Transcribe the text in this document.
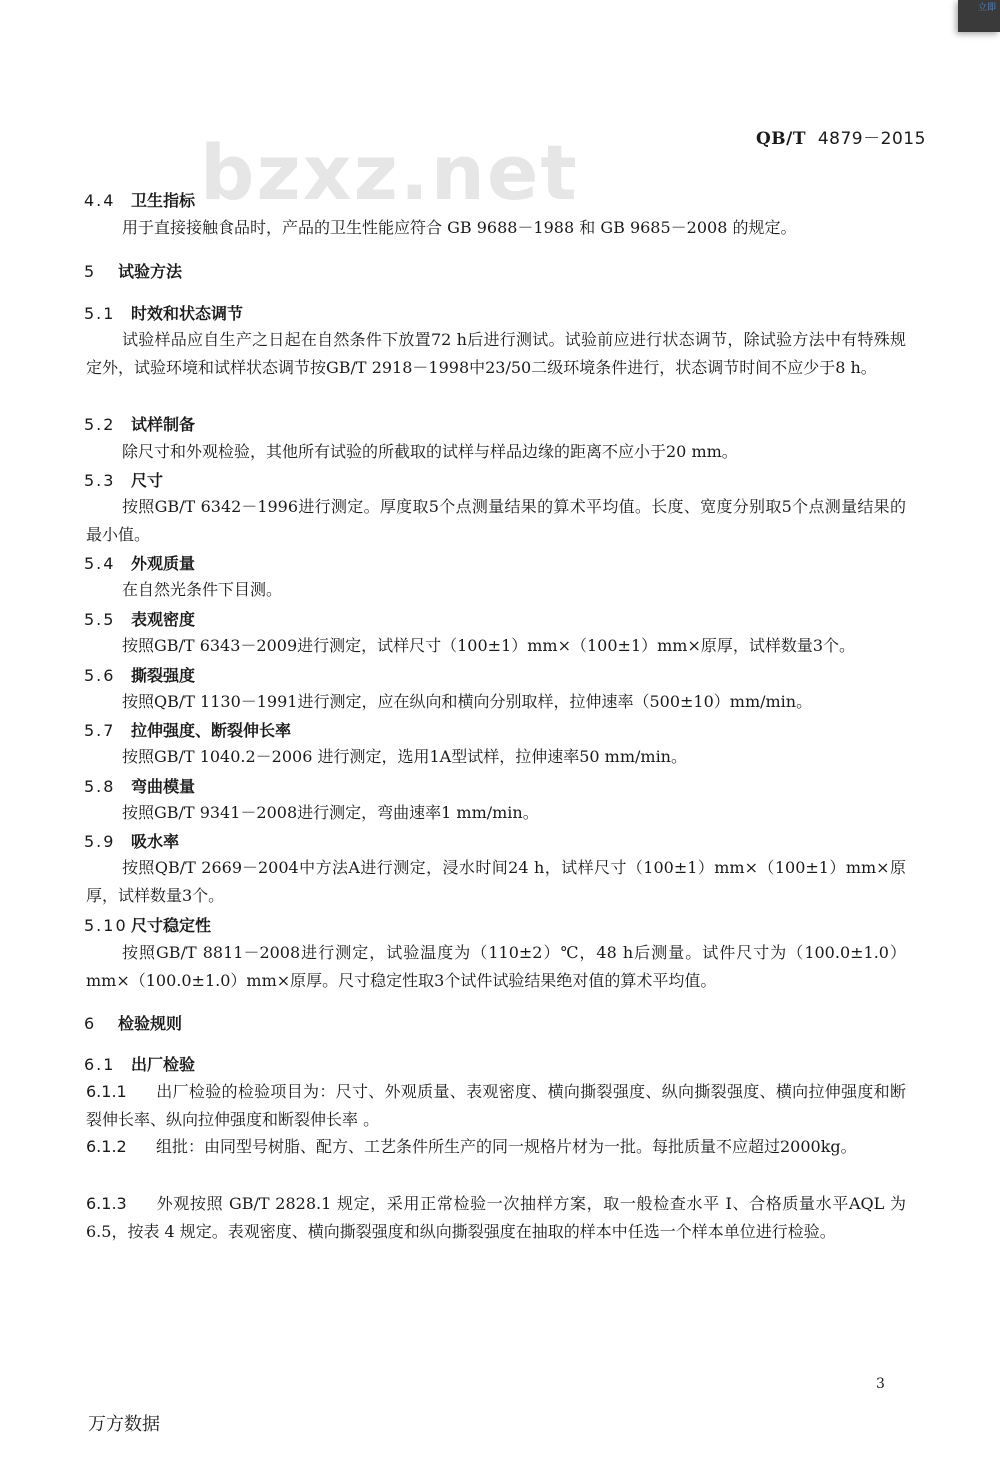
立即
bzxz.net	QB/T 4879－2015
4.4 卫生指标
用于直接接触食品时，产品的卫生性能应符合 GB 9688－1988 和 GB 9685－2008 的规定。
5 试验方法
5.1 时效和状态调节
试验样品应自生产之日起在自然条件下放置72 h后进行测试。试验前应进行状态调节，除试验方法中有特殊规定外，试验环境和试样状态调节按GB/T 2918－1998中23/50二级环境条件进行，状态调节时间不应少于8 h。
5.2 试样制备
除尺寸和外观检验，其他所有试验的所截取的试样与样品边缘的距离不应小于20 mm。
5.3 尺寸
按照GB/T 6342－1996进行测定。厚度取5个点测量结果的算术平均值。长度、宽度分别取5个点测量结果的最小值。
5.4 外观质量
在自然光条件下目测。
5.5 表观密度
按照GB/T 6343－2009进行测定，试样尺寸（100±1）mm×（100±1）mm×原厚，试样数量3个。
5.6 撕裂强度
按照QB/T 1130－1991进行测定，应在纵向和横向分别取样，拉伸速率（500±10）mm/min。
5.7 拉伸强度、断裂伸长率
按照GB/T 1040.2－2006 进行测定，选用1A型试样，拉伸速率50 mm/min。
5.8 弯曲模量
按照GB/T 9341－2008进行测定，弯曲速率1 mm/min。
5.9 吸水率
按照QB/T 2669－2004中方法A进行测定，浸水时间24 h，试样尺寸（100±1）mm×（100±1）mm×原厚，试样数量3个。
5.10 尺寸稳定性
按照GB/T 8811－2008进行测定，试验温度为（110±2）℃，48 h后测量。试件尺寸为（100.0±1.0）mm×（100.0±1.0）mm×原厚。尺寸稳定性取3个试件试验结果绝对值的算术平均值。
6 检验规则
6.1 出厂检验
6.1.1 出厂检验的检验项目为：尺寸、外观质量、表观密度、横向撕裂强度、纵向撕裂强度、横向拉伸强度和断裂伸长率、纵向拉伸强度和断裂伸长率 。
6.1.2 组批：由同型号树脂、配方、工艺条件所生产的同一规格片材为一批。每批质量不应超过2000kg。
6.1.3 外观按照 GB/T 2828.1 规定，采用正常检验一次抽样方案，取一般检查水平 I、合格质量水平AQL 为 6.5，按表 4 规定。表观密度、横向撕裂强度和纵向撕裂强度在抽取的样本中任选一个样本单位进行检验。
3
万方数据
